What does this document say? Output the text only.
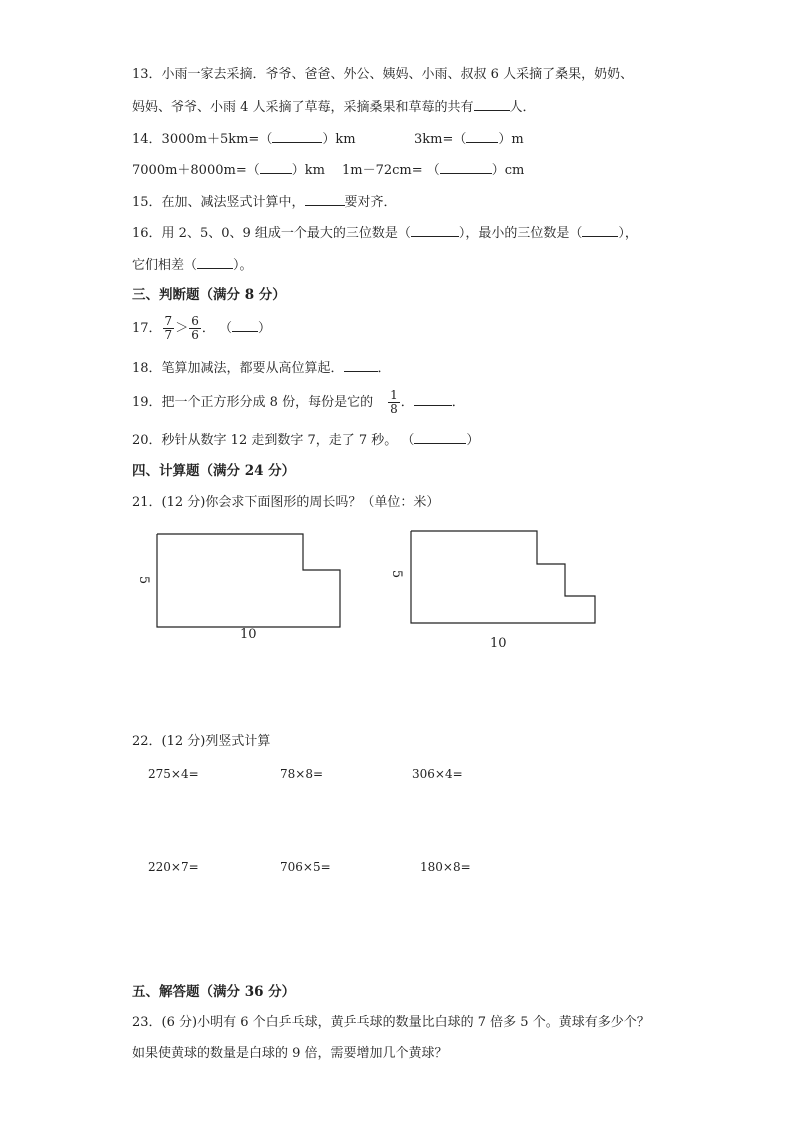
13．小雨一家去采摘．爷爷、爸爸、外公、姨妈、小雨、叔叔 6 人采摘了桑果，奶奶、
妈妈、爷爷、小雨 4 人采摘了草莓，采摘桑果和草莓的共有	人．
14．3000m＋5km=（	）km	3km=（ ）m
7000m＋8000m=（ ）km 1m－72cm= （	）cm
15．在加、减法竖式计算中，	要对齐．
16．用 2、5、0、9 组成一个最大的三位数是（	），最小的三位数是（	），
它们相差（	）。
三、判断题（满分 8 分）
17． $\frac{7}{7} > \frac{6}{6}$ ． （ ）
18．笔算加减法，都要从高位算起．	．
19．把一个正方形分成 8 份，每份是它的 $\frac{1}{8}$ ．	．
20．秒针从数字 12 走到数字 7，走了 7 秒。 （	）
四、计算题（满分 24 分）
21．(12 分)你会求下面图形的周长吗？（单位：米）
5
10
5
10
22．(12 分)列竖式计算
275×4=	78×8=	306×4=
220×7=	706×5=	180×8=
五、解答题（满分 36 分）
23．(6 分)小明有 6 个白乒乓球，黄乒乓球的数量比白球的 7 倍多 5 个。黄球有多少个？
如果使黄球的数量是白球的 9 倍，需要增加几个黄球？
